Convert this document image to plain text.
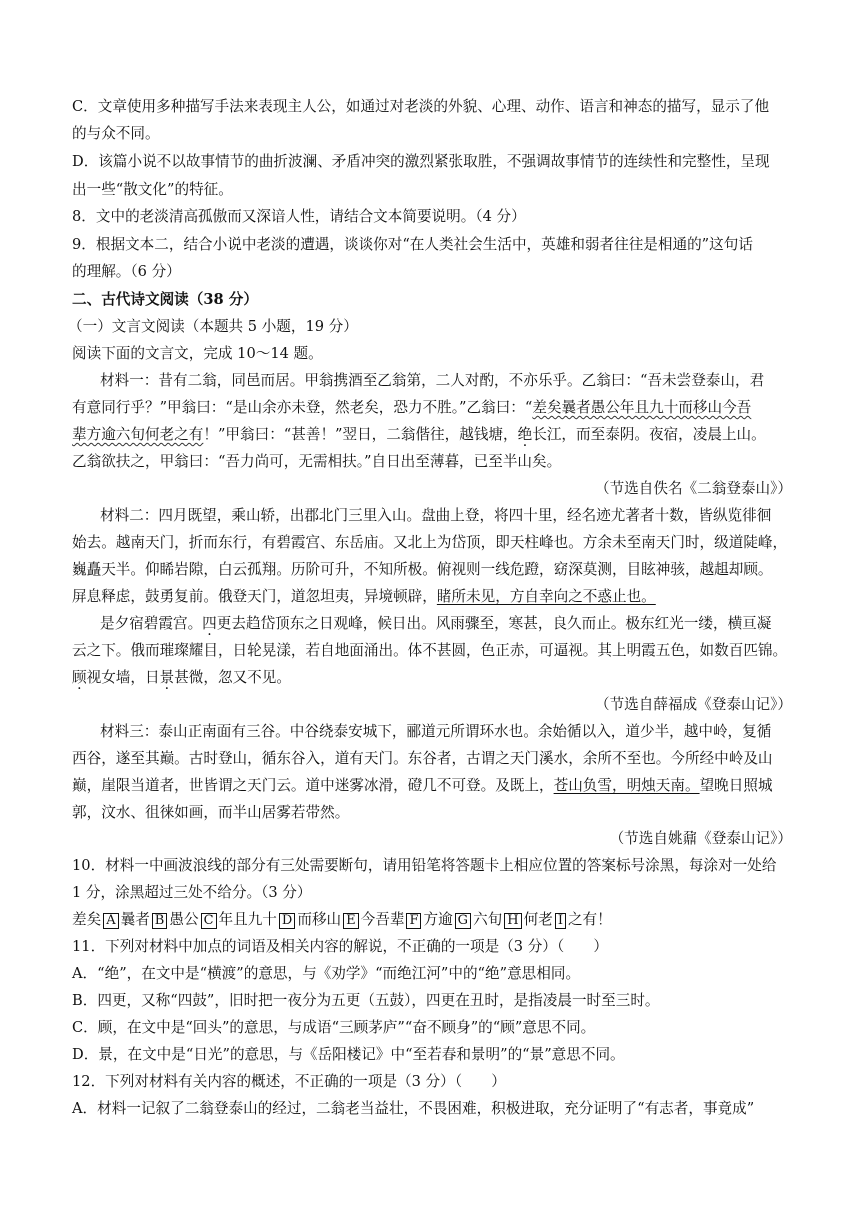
C．文章使用多种描写手法来表现主人公，如通过对老淡的外貌、心理、动作、语言和神态的描写，显示了他
的与众不同。
D．该篇小说不以故事情节的曲折波澜、矛盾冲突的激烈紧张取胜，不强调故事情节的连续性和完整性，呈现
出一些“散文化”的特征。
8．文中的老淡清高孤傲而又深谙人性，请结合文本简要说明。（4 分）
9．根据文本二，结合小说中老淡的遭遇，谈谈你对“在人类社会生活中，英雄和弱者往往是相通的”这句话
的理解。（6 分）
二、古代诗文阅读（38 分）
（一）文言文阅读（本题共 5 小题，19 分）
阅读下面的文言文，完成 10～14 题。
材料一：昔有二翁，同邑而居。甲翁携酒至乙翁第，二人对酌，不亦乐乎。乙翁曰：“吾未尝登泰山，君
有意同行乎？”甲翁曰：“是山余亦未登，然老矣，恐力不胜。”乙翁曰：“差矣曩者愚公年且九十而移山今吾
辈方逾六旬何老之有！”甲翁曰：“甚善！”翌日，二翁偕往，越钱塘，绝长江，而至泰阴。夜宿，凌晨上山。
乙翁欲扶之，甲翁曰：“吾力尚可，无需相扶。”自日出至薄暮，已至半山矣。
（节选自佚名《二翁登泰山》）
材料二：四月既望，乘山轿，出郡北门三里入山。盘曲上登，将四十里，经名迹尤著者十数，皆纵览徘徊
始去。越南天门，折而东行，有碧霞宫、东岳庙。又北上为岱顶，即天柱峰也。方余未至南天门时，级道陡峰，
巍矗天半。仰睎岩隙，白云孤翔。历阶可升，不知所极。俯视则一线危蹬，窈深莫测，目眩神骇，越趄却顾。
屏息释虑，鼓勇复前。俄登天门，道忽坦夷，异境顿辟，睹所未见，方自幸向之不惑止也。
是夕宿碧霞宫。四更去趋岱顶东之日观峰，候日出。风雨骤至，寒甚，良久而止。极东红光一缕，横亘凝
云之下。俄而璀璨耀目，日轮晃漾，若自地面涌出。体不甚圆，色正赤，可逼视。其上明霞五色，如数百匹锦。
顾视女墙，日景甚微，忽又不见。
（节选自薛福成《登泰山记》）
材料三：泰山正南面有三谷。中谷绕泰安城下，郦道元所谓环水也。余始循以入，道少半，越中岭，复循
西谷，遂至其巅。古时登山，循东谷入，道有天门。东谷者，古谓之天门溪水，余所不至也。今所经中岭及山
巅，崖限当道者，世皆谓之天门云。道中迷雾冰滑，磴几不可登。及既上，苍山负雪，明烛天南。望晚日照城
郭，汶水、徂徕如画，而半山居雾若带然。
（节选自姚鼐《登泰山记》）
10．材料一中画波浪线的部分有三处需要断句，请用铅笔将答题卡上相应位置的答案标号涂黑，每涂对一处给
1 分，涂黑超过三处不给分。（3 分）
差矣 A 曩者 B 愚公 C 年且九十 D 而移山 E 今吾辈 F 方逾 G 六旬 H 何老 I 之有！
11．下列对材料中加点的词语及相关内容的解说，不正确的一项是（3 分）（　　）
A．“绝”，在文中是“横渡”的意思，与《劝学》“而绝江河”中的“绝”意思相同。
B．四更，又称“四鼓”，旧时把一夜分为五更（五鼓），四更在丑时，是指凌晨一时至三时。
C．顾，在文中是“回头”的意思，与成语“三顾茅庐”“奋不顾身”的“顾”意思不同。
D．景，在文中是“日光”的意思，与《岳阳楼记》中“至若春和景明”的“景”意思不同。
12．下列对材料有关内容的概述，不正确的一项是（3 分）（　　）
A．材料一记叙了二翁登泰山的经过，二翁老当益壮，不畏困难，积极进取，充分证明了“有志者，事竟成”
